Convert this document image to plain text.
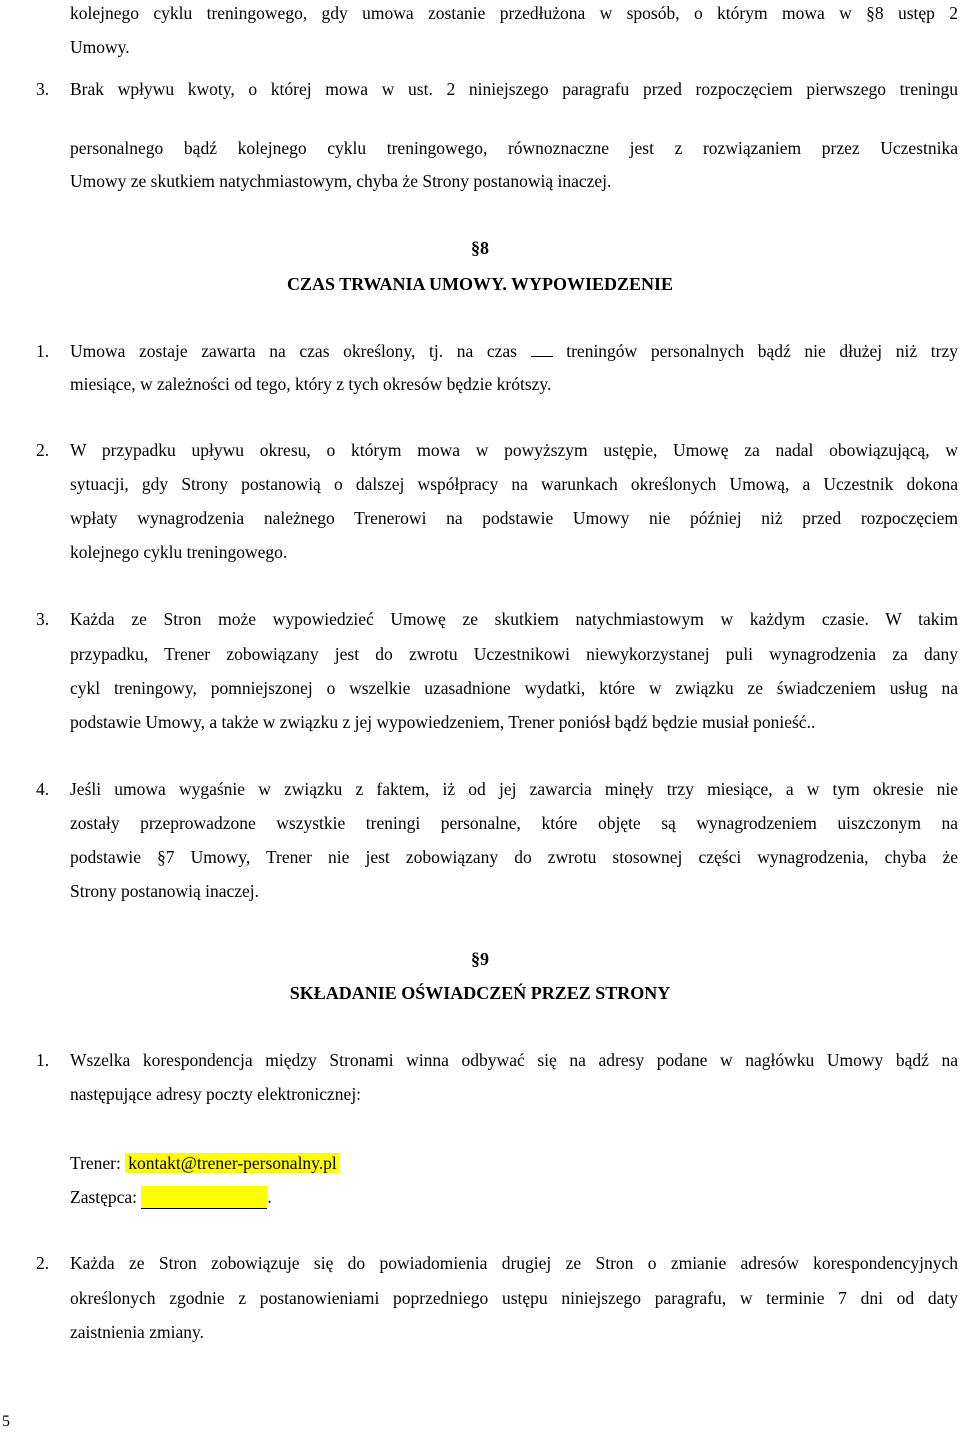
kolejnego cyklu treningowego, gdy umowa zostanie przedłużona w sposób, o którym mowa w §8 ustęp 2
Umowy.
3. Brak wpływu kwoty, o której mowa w ust. 2 niniejszego paragrafu przed rozpoczęciem pierwszego treningu
personalnego bądź kolejnego cyklu treningowego, równoznaczne jest z rozwiązaniem przez Uczestnika
Umowy ze skutkiem natychmiastowym, chyba że Strony postanowią inaczej.
§8
CZAS TRWANIA UMOWY. WYPOWIEDZENIE
1. Umowa zostaje zawarta na czas określony, tj. na czas	treningów personalnych bądź nie dłużej niż trzy
miesiące, w zależności od tego, który z tych okresów będzie krótszy.
2. W przypadku upływu okresu, o którym mowa w powyższym ustępie, Umowę za nadal obowiązującą, w
sytuacji, gdy Strony postanowią o dalszej współpracy na warunkach określonych Umową, a Uczestnik dokona
wpłaty wynagrodzenia należnego Trenerowi na podstawie Umowy nie później niż przed rozpoczęciem
kolejnego cyklu treningowego.
3. Każda ze Stron może wypowiedzieć Umowę ze skutkiem natychmiastowym w każdym czasie. W takim
przypadku, Trener zobowiązany jest do zwrotu Uczestnikowi niewykorzystanej puli wynagrodzenia za dany
cykl treningowy, pomniejszonej o wszelkie uzasadnione wydatki, które w związku ze świadczeniem usług na
podstawie Umowy, a także w związku z jej wypowiedzeniem, Trener poniósł bądź będzie musiał ponieść..
4. Jeśli umowa wygaśnie w związku z faktem, iż od jej zawarcia minęły trzy miesiące, a w tym okresie nie
zostały przeprowadzone wszystkie treningi personalne, które objęte są wynagrodzeniem uiszczonym na
podstawie §7 Umowy, Trener nie jest zobowiązany do zwrotu stosownej części wynagrodzenia, chyba że
Strony postanowią inaczej.
§9
SKŁADANIE OŚWIADCZEŃ PRZEZ STRONY
1. Wszelka korespondencja między Stronami winna odbywać się na adresy podane w nagłówku Umowy bądź na
następujące adresy poczty elektronicznej:
Trener: kontakt@trener-personalny.pl
Zastępca:	.
2. Każda ze Stron zobowiązuje się do powiadomienia drugiej ze Stron o zmianie adresów korespondencyjnych
określonych zgodnie z postanowieniami poprzedniego ustępu niniejszego paragrafu, w terminie 7 dni od daty
zaistnienia zmiany.
5
